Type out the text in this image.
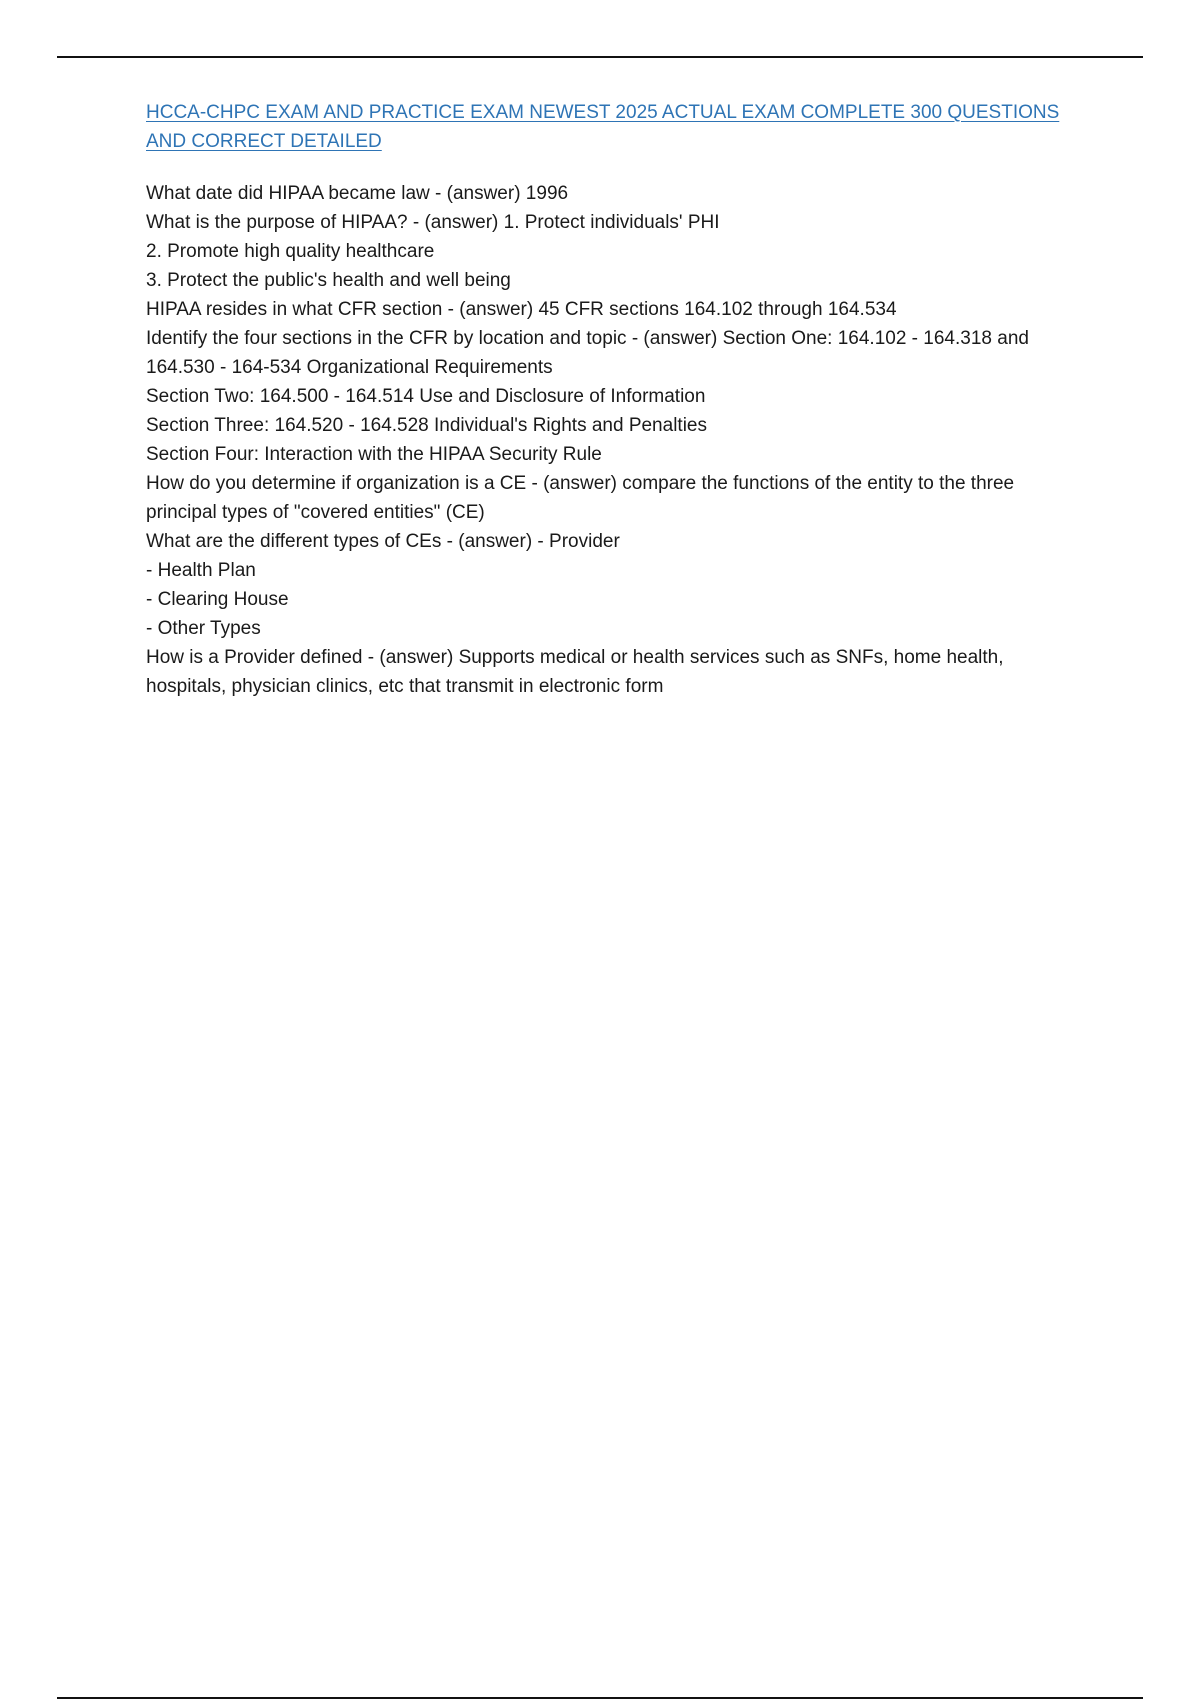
HCCA-CHPC EXAM AND PRACTICE EXAM NEWEST 2025 ACTUAL EXAM COMPLETE 300 QUESTIONS AND CORRECT DETAILED

What date did HIPAA became law - (answer) 1996

What is the purpose of HIPAA? - (answer) 1. Protect individuals' PHI

2. Promote high quality healthcare

3. Protect the public's health and well being

HIPAA resides in what CFR section - (answer) 45 CFR sections 164.102 through 164.534

Identify the four sections in the CFR by location and topic - (answer) Section One: 164.102 - 164.318 and 164.530 - 164-534 Organizational Requirements

Section Two: 164.500 - 164.514 Use and Disclosure of Information

Section Three: 164.520 - 164.528 Individual's Rights and Penalties

Section Four: Interaction with the HIPAA Security Rule

How do you determine if organization is a CE - (answer) compare the functions of the entity to the three principal types of "covered entities" (CE)

What are the different types of CEs - (answer) - Provider

- Health Plan

- Clearing House

- Other Types

How is a Provider defined - (answer) Supports medical or health services such as SNFs, home health, hospitals, physician clinics, etc that transmit in electronic form
